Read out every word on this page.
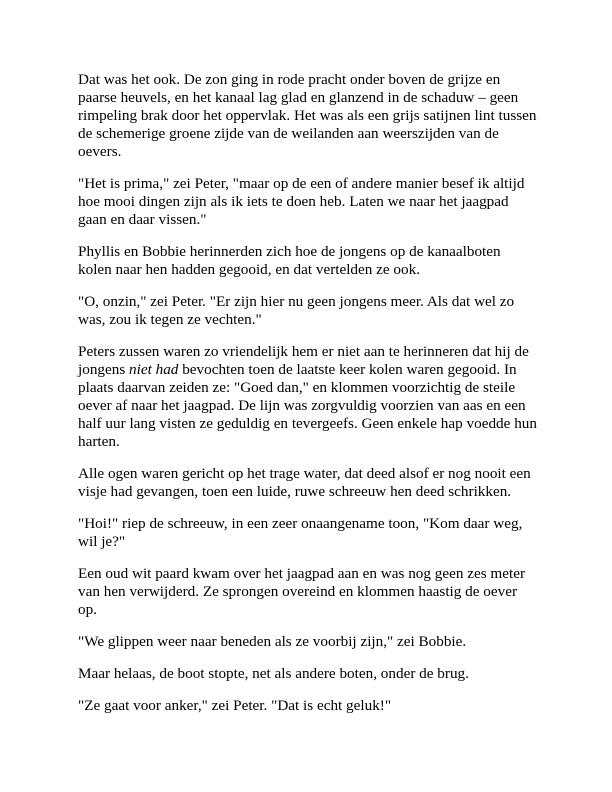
Dat was het ook. De zon ging in rode pracht onder boven de grijze en paarse heuvels, en het kanaal lag glad en glanzend in de schaduw – geen rimpeling brak door het oppervlak. Het was als een grijs satijnen lint tussen de schemerige groene zijde van de weilanden aan weerszijden van de oevers.

"Het is prima," zei Peter, "maar op de een of andere manier besef ik altijd hoe mooi dingen zijn als ik iets te doen heb. Laten we naar het jaagpad gaan en daar vissen."

Phyllis en Bobbie herinnerden zich hoe de jongens op de kanaalboten kolen naar hen hadden gegooid, en dat vertelden ze ook.

"O, onzin," zei Peter. "Er zijn hier nu geen jongens meer. Als dat wel zo was, zou ik tegen ze vechten."

Peters zussen waren zo vriendelijk hem er niet aan te herinneren dat hij de jongens niet had bevochten toen de laatste keer kolen waren gegooid. In plaats daarvan zeiden ze: "Goed dan," en klommen voorzichtig de steile oever af naar het jaagpad. De lijn was zorgvuldig voorzien van aas en een half uur lang visten ze geduldig en tevergeefs. Geen enkele hap voedde hun harten.

Alle ogen waren gericht op het trage water, dat deed alsof er nog nooit een visje had gevangen, toen een luide, ruwe schreeuw hen deed schrikken.

"Hoi!" riep de schreeuw, in een zeer onaangename toon, "Kom daar weg, wil je?"

Een oud wit paard kwam over het jaagpad aan en was nog geen zes meter van hen verwijderd. Ze sprongen overeind en klommen haastig de oever op.

"We glippen weer naar beneden als ze voorbij zijn," zei Bobbie.

Maar helaas, de boot stopte, net als andere boten, onder de brug.

"Ze gaat voor anker," zei Peter. "Dat is echt geluk!"
